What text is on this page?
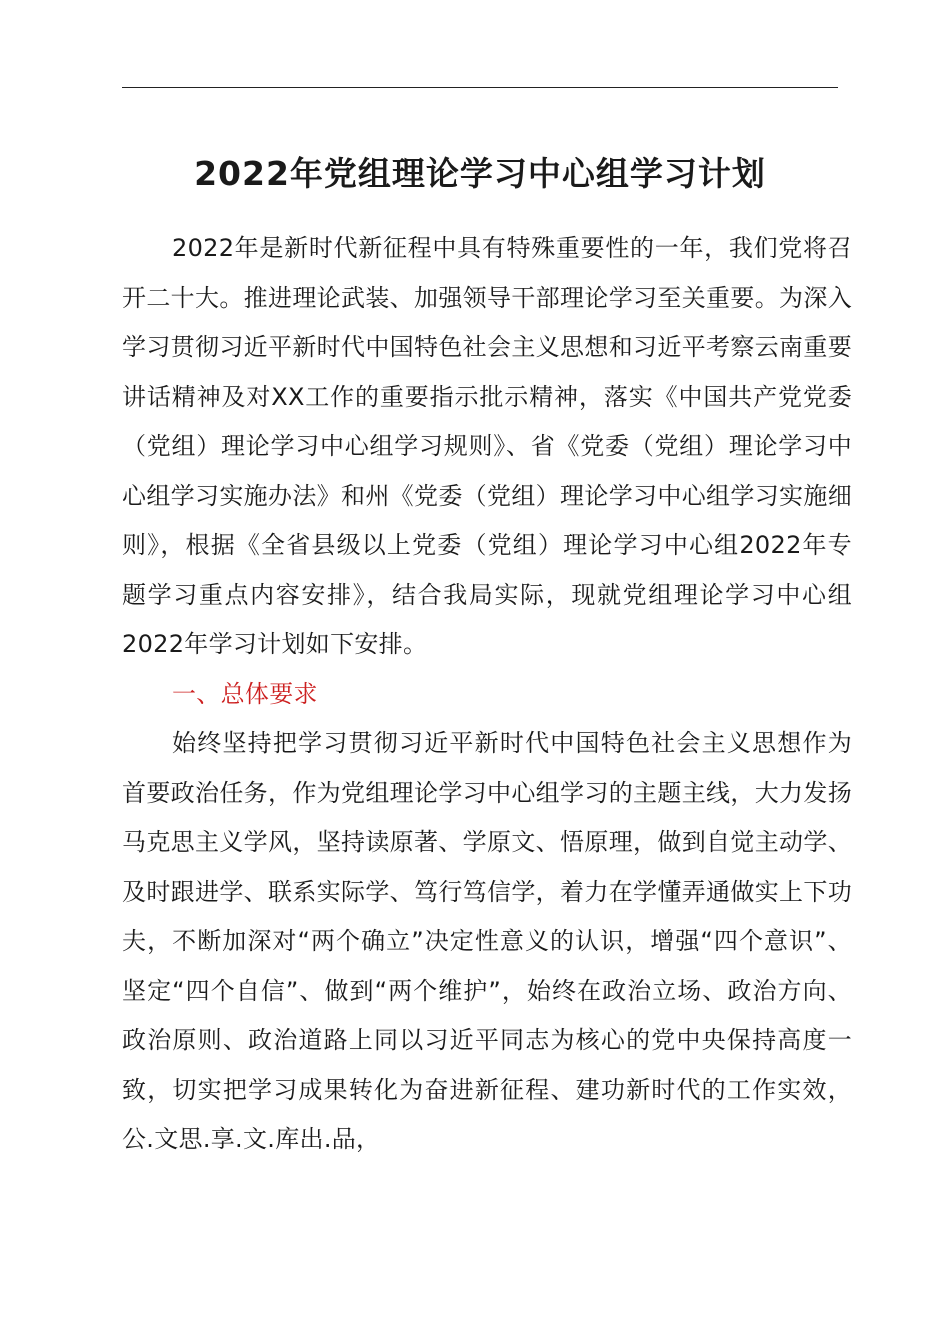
2022年党组理论学习中心组学习计划

2022年是新时代新征程中具有特殊重要性的一年，我们党将召开二十大。推进理论武装、加强领导干部理论学习至关重要。为深入学习贯彻习近平新时代中国特色社会主义思想和习近平考察云南重要讲话精神及对XX工作的重要指示批示精神，落实《中国共产党党委（党组）理论学习中心组学习规则》、省《党委（党组）理论学习中心组学习实施办法》和州《党委（党组）理论学习中心组学习实施细则》，根据《全省县级以上党委（党组）理论学习中心组2022年专题学习重点内容安排》，结合我局实际，现就党组理论学习中心组2022年学习计划如下安排。

一、总体要求

始终坚持把学习贯彻习近平新时代中国特色社会主义思想作为首要政治任务，作为党组理论学习中心组学习的主题主线，大力发扬马克思主义学风，坚持读原著、学原文、悟原理，做到自觉主动学、及时跟进学、联系实际学、笃行笃信学，着力在学懂弄通做实上下功夫，不断加深对“两个确立”决定性意义的认识，增强“四个意识”、坚定“四个自信”、做到“两个维护”，始终在政治立场、政治方向、政治原则、政治道路上同以习近平同志为核心的党中央保持高度一致，切实把学习成果转化为奋进新征程、建功新时代的工作实效，公.文思.享.文.库出.品，
